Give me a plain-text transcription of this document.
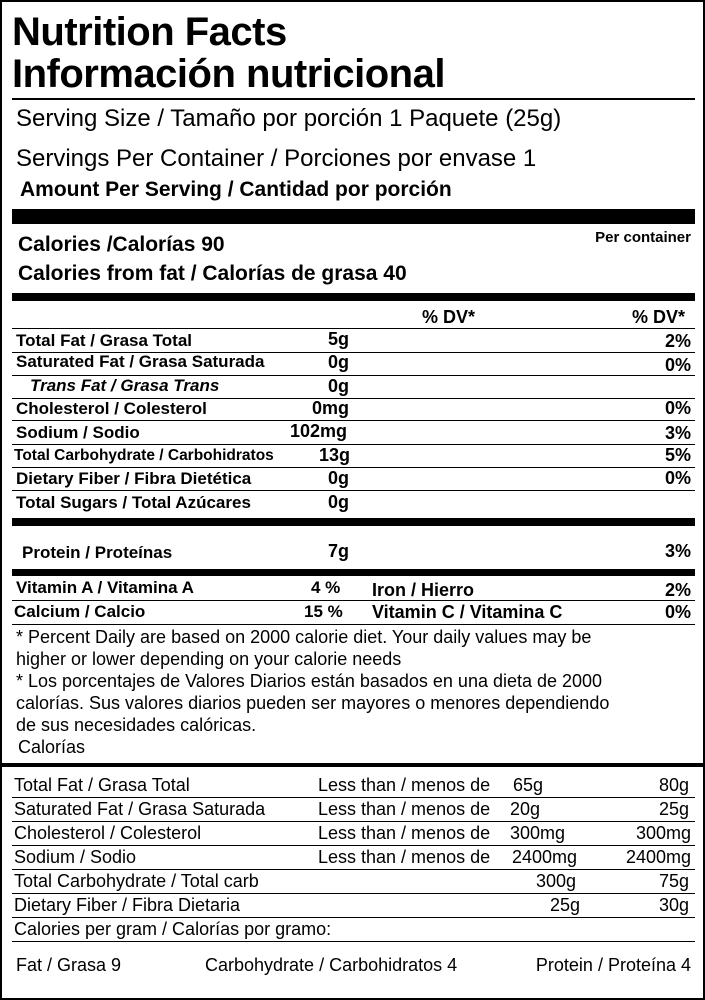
Nutrition Facts
Información nutricional
Serving Size / Tamaño por porción 1 Paquete (25g)
Servings Per Container / Porciones por envase 1
Amount Per Serving / Cantidad por porción
Calories /Calorías 90	Per container
Calories from fat / Calorías de grasa 40
% DV*	% DV*
Total Fat / Grasa Total	5g	2%
Saturated Fat / Grasa Saturada	0g	0%
Trans Fat / Grasa Trans	0g
Cholesterol / Colesterol	0mg	0%
Sodium / Sodio	102mg	3%
Total Carbohydrate / Carbohidratos	13g	5%
Dietary Fiber / Fibra Dietética	0g	0%
Total Sugars / Total Azúcares	0g
Protein / Proteínas	7g	3%
Vitamin A / Vitamina A	4 % Iron / Hierro	2%
Calcium / Calcio	15 % Vitamin C / Vitamina C	0%
* Percent Daily are based on 2000 calorie diet. Your daily values may be
higher or lower depending on your calorie needs
* Los porcentajes de Valores Diarios están basados en una dieta de 2000
calorías. Sus valores diarios pueden ser mayores o menores dependiendo
de sus necesidades calóricas.
Calorías
Total Fat / Grasa Total	Less than / menos de 65g	80g
Saturated Fat / Grasa Saturada	Less than / menos de 20g	25g
Cholesterol / Colesterol	Less than / menos de 300mg	300mg
Sodium / Sodio	Less than / menos de 2400mg	2400mg
Total Carbohydrate / Total carb	300g	75g
Dietary Fiber / Fibra Dietaria	25g	30g
Calories per gram / Calorías por gramo:
Fat / Grasa 9	Carbohydrate / Carbohidratos 4	Protein / Proteína 4
